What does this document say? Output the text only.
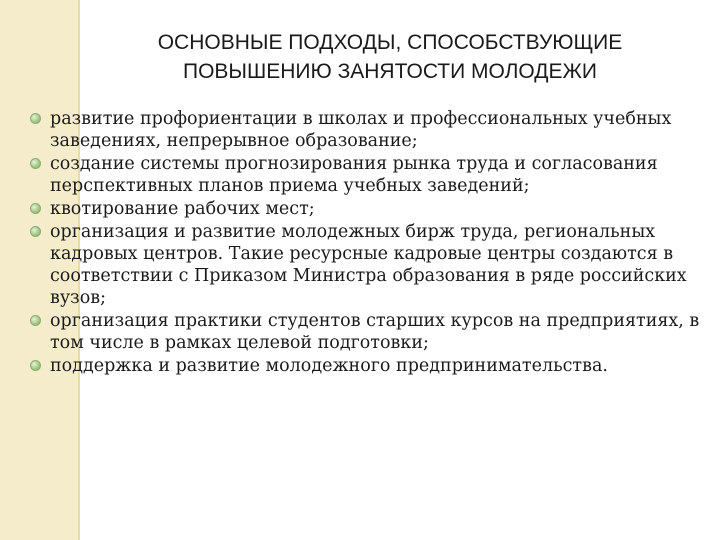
ОСНОВНЫЕ ПОДХОДЫ, СПОСОБСТВУЮЩИЕ
ПОВЫШЕНИЮ ЗАНЯТОСТИ МОЛОДЕЖИ
развитие профориентации в школах и профессиональных учебных заведениях, непрерывное образование;
создание системы прогнозирования рынка труда и согласования перспективных планов приема учебных заведений;
квотирование рабочих мест;
организация и развитие молодежных бирж труда, региональных кадровых центров. Такие ресурсные кадровые центры создаются в соответствии с Приказом Министра образования в ряде российских вузов;
организация практики студентов старших курсов на предприятиях, в том числе в рамках целевой подготовки;
поддержка и развитие молодежного предпринимательства.
